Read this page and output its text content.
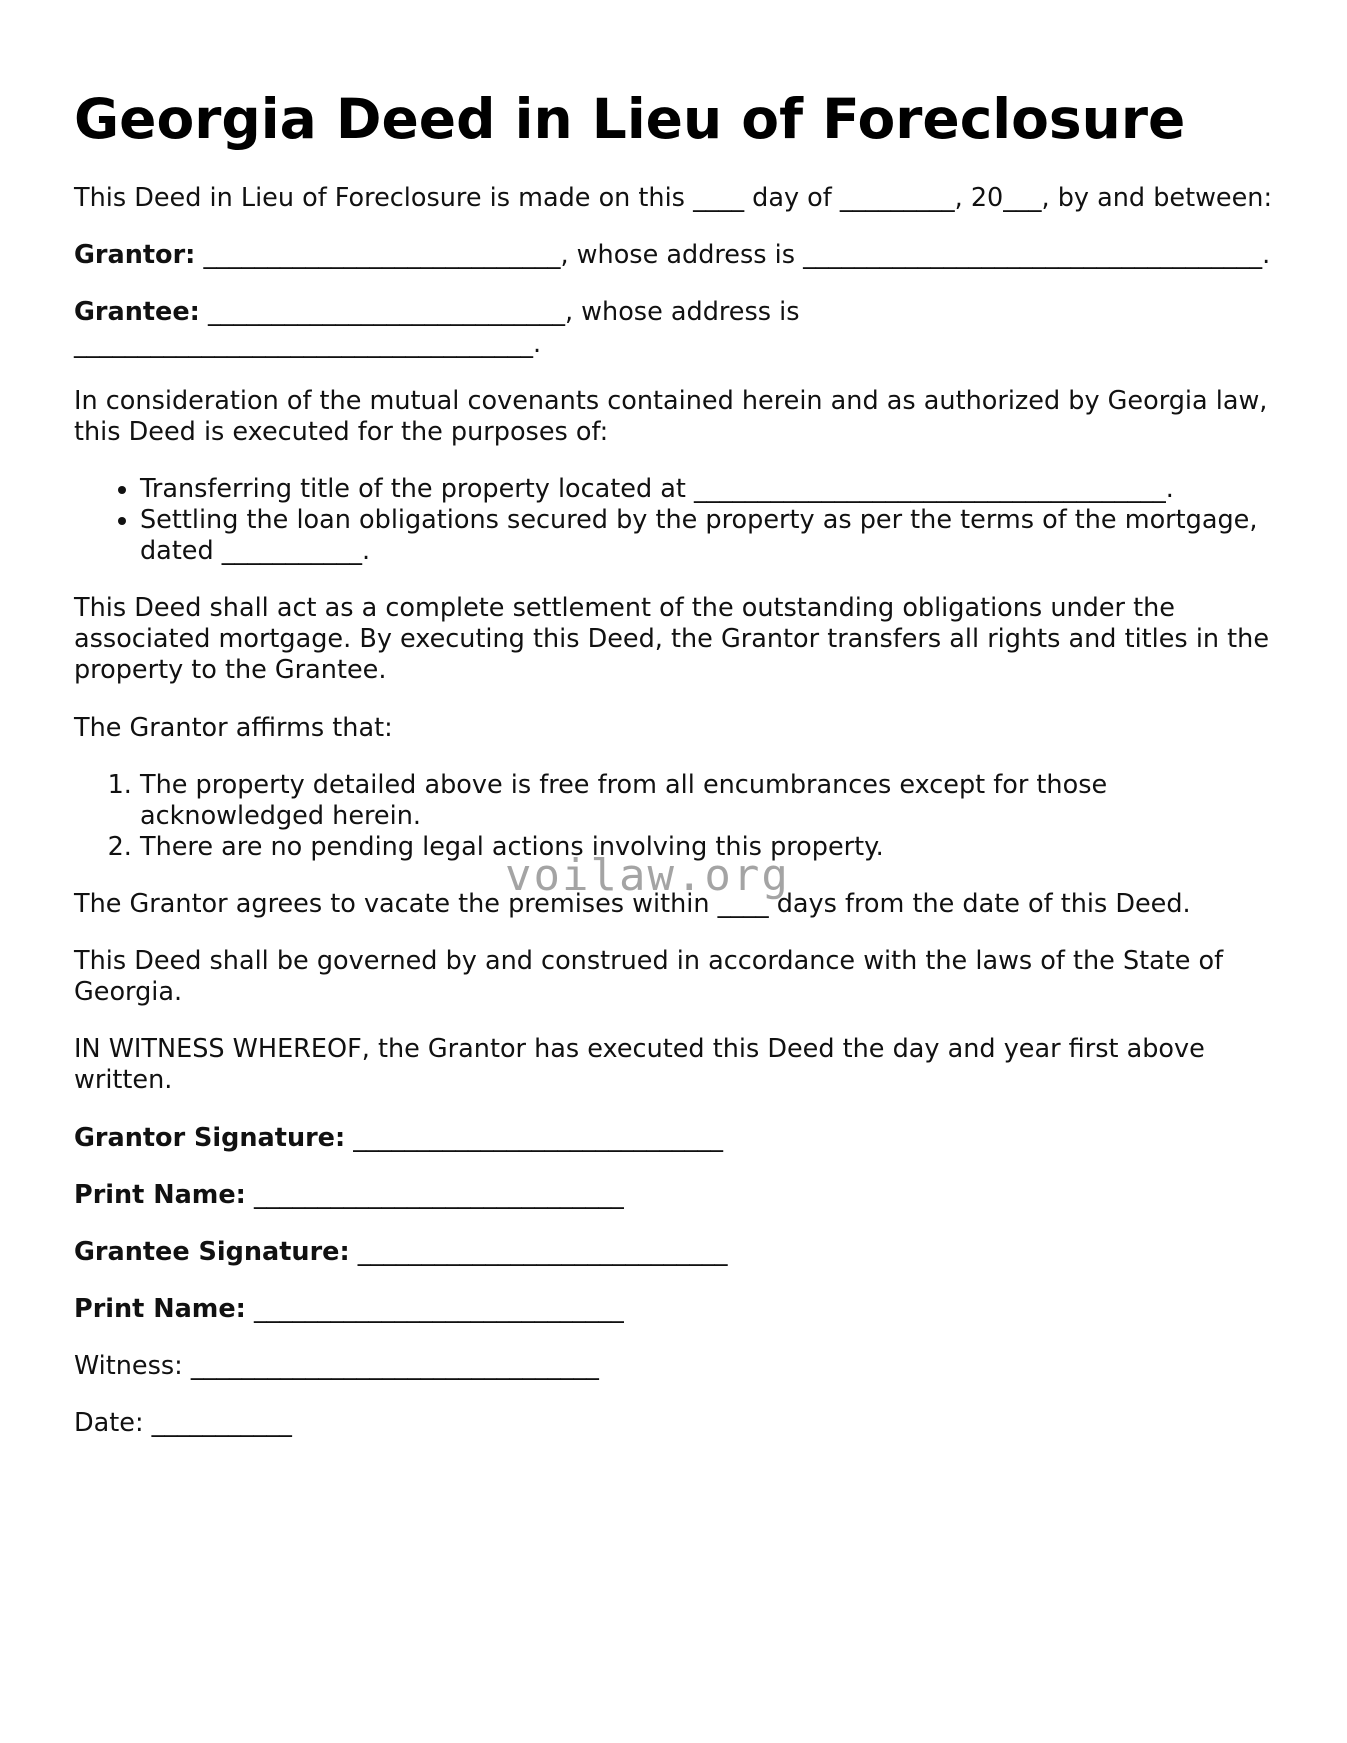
Georgia Deed in Lieu of Foreclosure

This Deed in Lieu of Foreclosure is made on this ____ day of _________, 20___, by and between:

Grantor: ____________________________, whose address is ____________________________________.

Grantee: ____________________________, whose address is ____________________________________.

In consideration of the mutual covenants contained herein and as authorized by Georgia law, this Deed is executed for the purposes of:

• Transferring title of the property located at _____________________________________.
• Settling the loan obligations secured by the property as per the terms of the mortgage, dated ___________.

This Deed shall act as a complete settlement of the outstanding obligations under the associated mortgage. By executing this Deed, the Grantor transfers all rights and titles in the property to the Grantee.

The Grantor affirms that:

1. The property detailed above is free from all encumbrances except for those acknowledged herein.
2. There are no pending legal actions involving this property.

The Grantor agrees to vacate the premises within ____ days from the date of this Deed.

This Deed shall be governed by and construed in accordance with the laws of the State of Georgia.

IN WITNESS WHEREOF, the Grantor has executed this Deed the day and year first above written.

Grantor Signature: _____________________________

Print Name: _____________________________

Grantee Signature: _____________________________

Print Name: _____________________________

Witness: ________________________________

Date: ___________

voilaw.org
